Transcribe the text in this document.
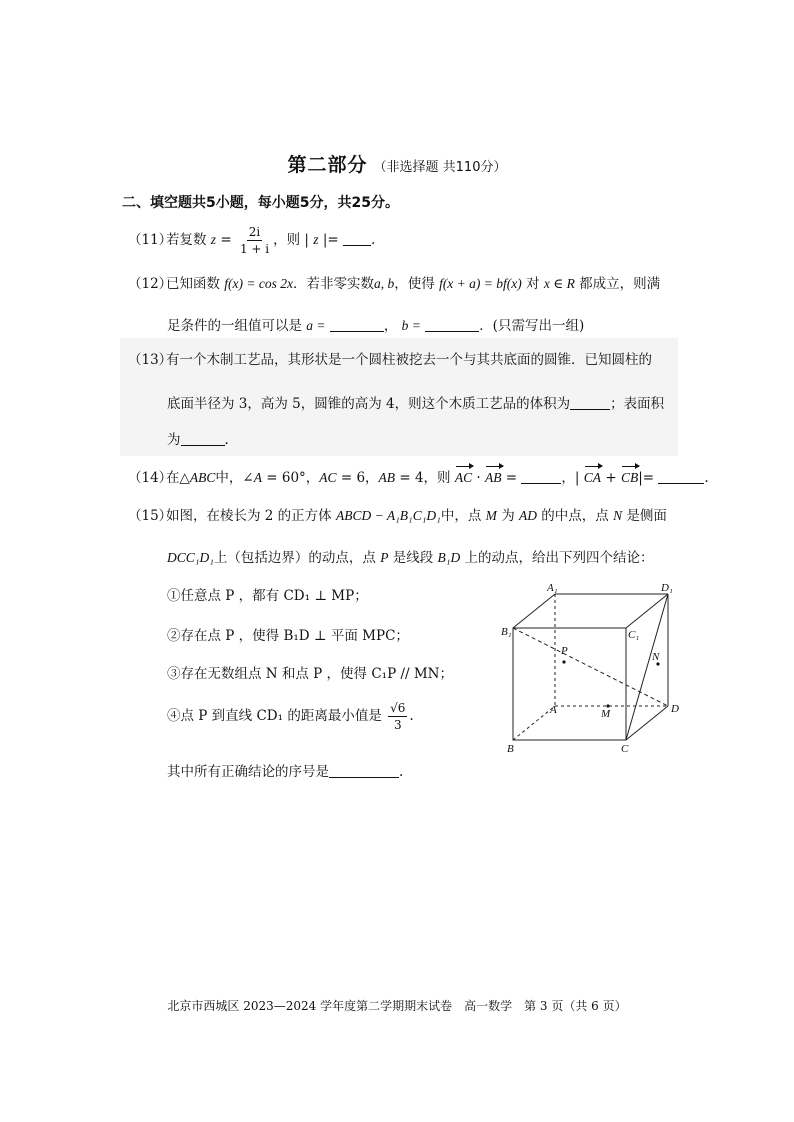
第二部分 （非选择题 共110分）
二、填空题共5小题，每小题5分，共25分。
（11）若复数 $z = \frac{2i}{1 + i}$ ，则 | z |= .
（12）已知函数 f(x) = cos 2x．若非零实数a, b，使得 f(x + a) = bf(x) 对 x ∈ R 都成立，则满
足条件的一组值可以是 a =	， b =	．(只需写出一组)
（13）有一个木制工艺品，其形状是一个圆柱被挖去一个与其共底面的圆锥．已知圆柱的
底面半径为 3，高为 5，圆锥的高为 4，则这个木质工艺品的体积为	；表面积
为	.
（14）在△ABC中，∠A = 60°，AC = 6，AB = 4，则 AC · AB =	，| CA + CB|=	.
（15）如图，在棱长为 2 的正方体 ABCD − A₁B₁C₁D₁中，点 M 为 AD 的中点，点 N 是侧面
DCC₁D₁上（包括边界）的动点，点 P 是线段 B₁D 上的动点，给出下列四个结论：
①任意点 P ，都有 CD₁ ⊥ MP；
②存在点 P ，使得 B₁D ⊥ 平面 MPC；
③存在无数组点 N 和点 P ，使得 C₁P // MN；
④点 P 到直线 CD₁ 的距离最小值是 $\frac{√6}{3}$ .
其中所有正确结论的序号是	.
A₁	D₁
B₁	C₁
P	N
A	M	D
B	C
北京市西城区 2023—2024 学年度第二学期期末试卷　高一数学　第 3 页（共 6 页）
